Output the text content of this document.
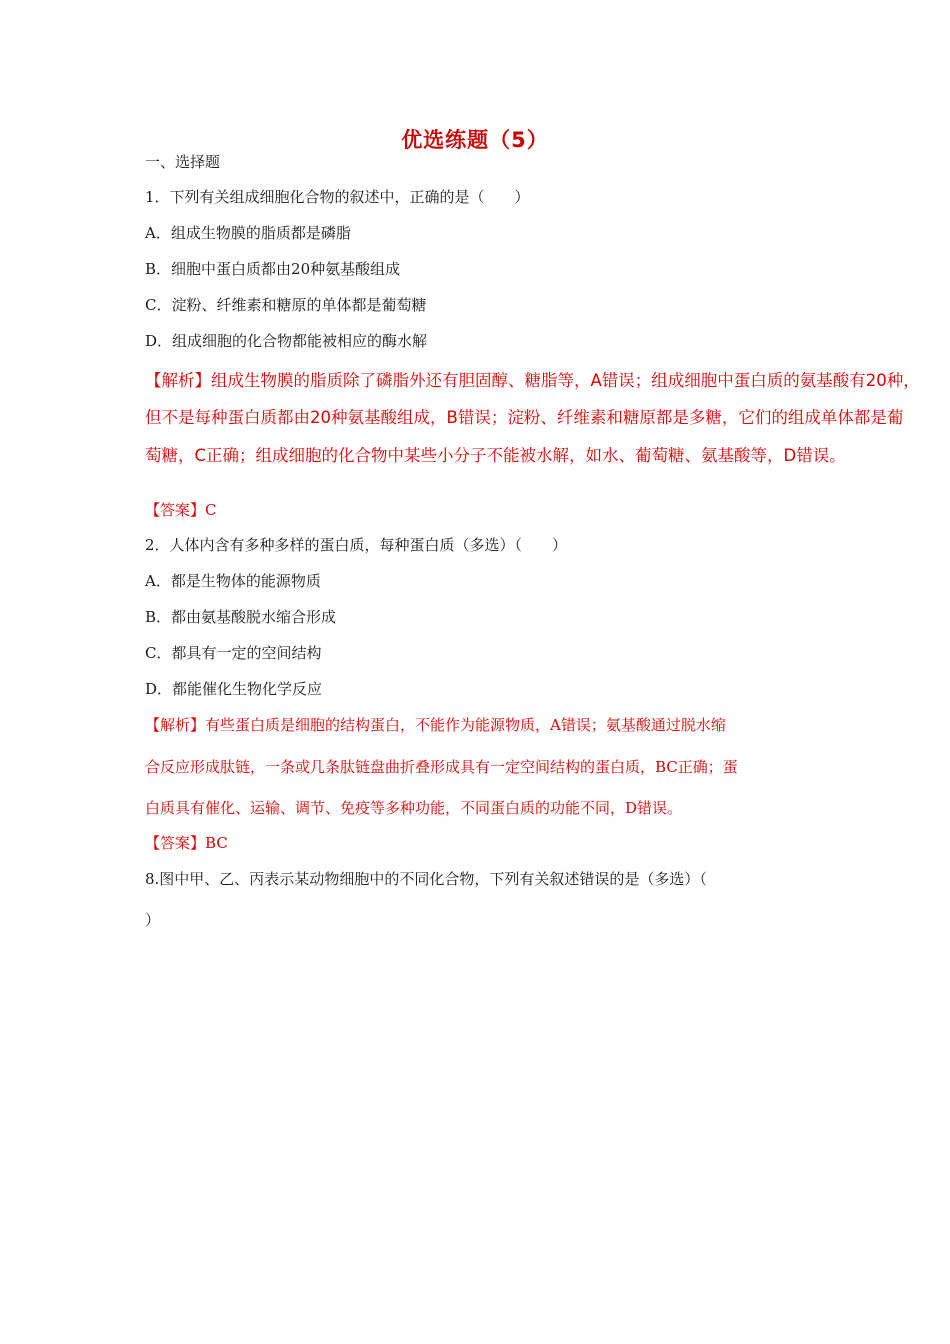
优选练题（5）
一、选择题
1．下列有关组成细胞化合物的叙述中，正确的是（　　）
A．组成生物膜的脂质都是磷脂
B．细胞中蛋白质都由20种氨基酸组成
C．淀粉、纤维素和糖原的单体都是葡萄糖
D．组成细胞的化合物都能被相应的酶水解
【解析】组成生物膜的脂质除了磷脂外还有胆固醇、糖脂等，A错误；组成细胞中蛋白质的氨基酸有20种，
但不是每种蛋白质都由20种氨基酸组成，B错误；淀粉、纤维素和糖原都是多糖，它们的组成单体都是葡
萄糖，C正确；组成细胞的化合物中某些小分子不能被水解，如水、葡萄糖、氨基酸等，D错误。
【答案】C
2．人体内含有多种多样的蛋白质，每种蛋白质（多选）（　　）
A．都是生物体的能源物质
B．都由氨基酸脱水缩合形成
C．都具有一定的空间结构
D．都能催化生物化学反应
【解析】有些蛋白质是细胞的结构蛋白，不能作为能源物质，A错误；氨基酸通过脱水缩
合反应形成肽链，一条或几条肽链盘曲折叠形成具有一定空间结构的蛋白质，BC正确；蛋
白质具有催化、运输、调节、免疫等多种功能，不同蛋白质的功能不同，D错误。
【答案】BC
8.图中甲、乙、丙表示某动物细胞中的不同化合物，下列有关叙述错误的是（多选）（
）
